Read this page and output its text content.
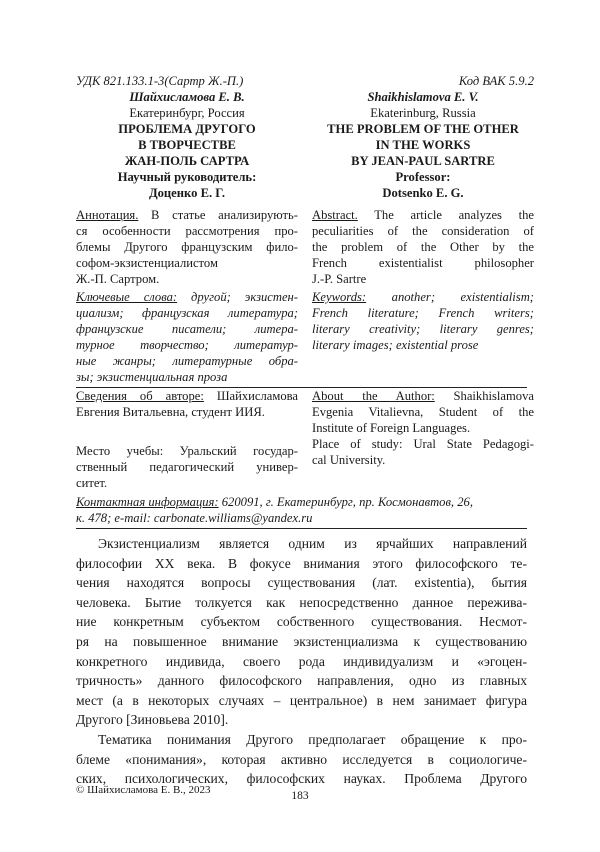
УДК 821.133.1-3(Сартр Ж.-П.)
Шайхисламова Е. В.
Екатеринбург, Россия
ПРОБЛЕМА ДРУГОГО
В ТВОРЧЕСТВЕ
ЖАН-ПОЛЬ САРТРА
Научный руководитель:
Доценко Е. Г.
Аннотация. В статье анализирують-
ся особенности рассмотрения про-
блемы Другого французским фило-
софом-экзистенциалистом
Ж.-П. Сартром.
Ключевые слова: другой; экзистен-
циализм; французская литература;
французские писатели; литера-
турное творчество; литератур-
ные жанры; литературные обра-
зы; экзистенциальная проза
Сведения об авторе: Шайхисламова
Евгения Витальевна, студент ИИЯ.
Место учебы: Уральский государ-
ственный педагогический универ-
ситет.
Код ВАК 5.9.2
Shaikhislamova E. V.
Ekaterinburg, Russia
THE PROBLEM OF THE OTHER
IN THE WORKS
BY JEAN-PAUL SARTRE
Professor:
Dotsenko E. G.
Abstract. The article analyzes the
peculiarities of the consideration of
the problem of the Other by the
French existentialist philosopher
J.-P. Sartre
Keywords: another; existentialism;
French literature; French writers;
literary creativity; literary genres;
literary images; existential prose
About the Author: Shaikhislamova
Evgenia Vitalievna, Student of the
Institute of Foreign Languages.
Place of study: Ural State Pedagogi-
cal University.
Контактная информация: 620091, г. Екатеринбург, пр. Космонавтов, 26,
к. 478; e-mail: carbonate.williams@yandex.ru
Экзистенциализм является одним из ярчайших направлений
философии XX века. В фокусе внимания этого философского те-
чения находятся вопросы существования (лат. existentia), бытия
человека. Бытие толкуется как непосредственно данное пережива-
ние конкретным субъектом собственного существования. Несмот-
ря на повышенное внимание экзистенциализма к существованию
конкретного индивида, своего рода индивидуализм и «эгоцен-
тричность» данного философского направления, одно из главных
мест (а в некоторых случаях – центральное) в нем занимает фигура
Другого [Зиновьева 2010].
Тематика понимания Другого предполагает обращение к про-
блеме «понимания», которая активно исследуется в социологиче-
ских, психологических, философских науках. Проблема Другого
© Шайхисламова Е. В., 2023	183
